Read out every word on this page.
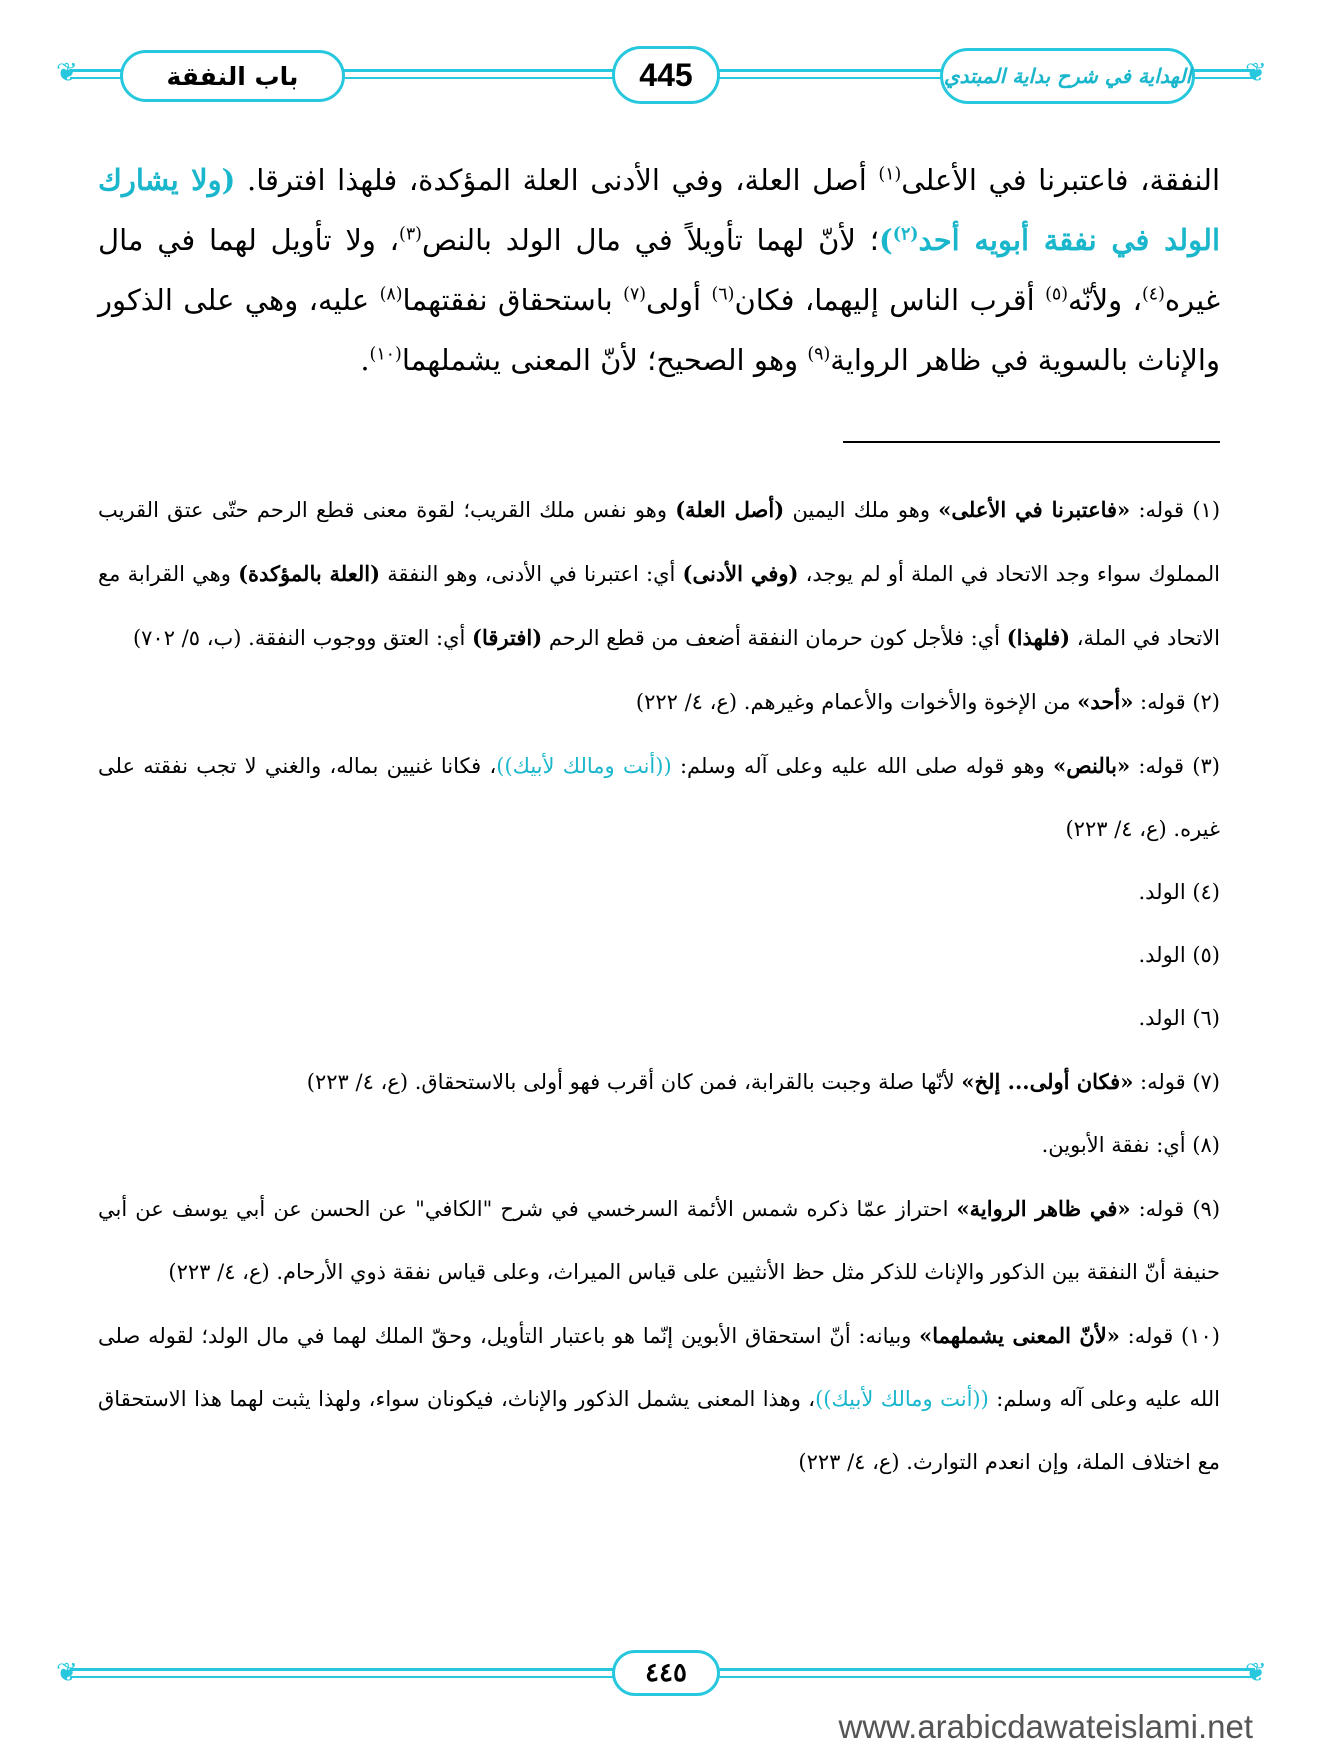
❦	❦
باب النفقة	445	الهداية في شرح بداية المبتدي
النفقة، فاعتبرنا في الأعلى$^{(١)}$ أصل العلة، وفي الأدنى العلة المؤكدة، فلهذا افترقا. (ولا يشارك الولد في نفقة أبويه أحد$^{(٢)}$)؛ لأنّ لهما تأويلاً في مال الولد بالنص$^{(٣)}$، ولا تأويل لهما في مال غيره$^{(٤)}$، ولأنّه$^{(٥)}$ أقرب الناس إليهما، فكان$^{(٦)}$ أولى$^{(٧)}$ باستحقاق نفقتهما$^{(٨)}$ عليه، وهي على الذكور والإناث بالسوية في ظاهر الرواية$^{(٩)}$ وهو الصحيح؛ لأنّ المعنى يشملهما$^{(١٠)}$.

(١) قوله: «فاعتبرنا في الأعلى» وهو ملك اليمين (أصل العلة) وهو نفس ملك القريب؛ لقوة معنى قطع الرحم حتّى عتق القريب المملوك سواء وجد الاتحاد في الملة أو لم يوجد، (وفي الأدنى) أي: اعتبرنا في الأدنى، وهو النفقة (العلة بالمؤكدة) وهي القرابة مع الاتحاد في الملة، (فلهذا) أي: فلأجل كون حرمان النفقة أضعف من قطع الرحم (افترقا) أي: العتق ووجوب النفقة. (ب، ٥/ ٧٠٢)

(٢) قوله: «أحد» من الإخوة والأخوات والأعمام وغيرهم. (ع، ٤/ ٢٢٢)

(٣) قوله: «بالنص» وهو قوله صلى الله عليه وعلى آله وسلم: ((أنت ومالك لأبيك))، فكانا غنيين بماله، والغني لا تجب نفقته على غيره. (ع، ٤/ ٢٢٣)

(٤) الولد.

(٥) الولد.

(٦) الولد.

(٧) قوله: «فكان أولى... إلخ» لأنّها صلة وجبت بالقرابة، فمن كان أقرب فهو أولى بالاستحقاق. (ع، ٤/ ٢٢٣)

(٨) أي: نفقة الأبوين.

(٩) قوله: «في ظاهر الرواية» احتراز عمّا ذكره شمس الأئمة السرخسي في شرح "الكافي" عن الحسن عن أبي يوسف عن أبي حنيفة أنّ النفقة بين الذكور والإناث للذكر مثل حظ الأنثيين على قياس الميراث، وعلى قياس نفقة ذوي الأرحام. (ع، ٤/ ٢٢٣)

(١٠) قوله: «لأنّ المعنى يشملهما» وبيانه: أنّ استحقاق الأبوين إنّما هو باعتبار التأويل، وحقّ الملك لهما في مال الولد؛ لقوله صلى الله عليه وعلى آله وسلم: ((أنت ومالك لأبيك))، وهذا المعنى يشمل الذكور والإناث، فيكونان سواء، ولهذا يثبت لهما هذا الاستحقاق مع اختلاف الملة، وإن انعدم التوارث. (ع، ٤/ ٢٢٣)

❦	❦
٤٤٥
www.arabicdawateislami.net
